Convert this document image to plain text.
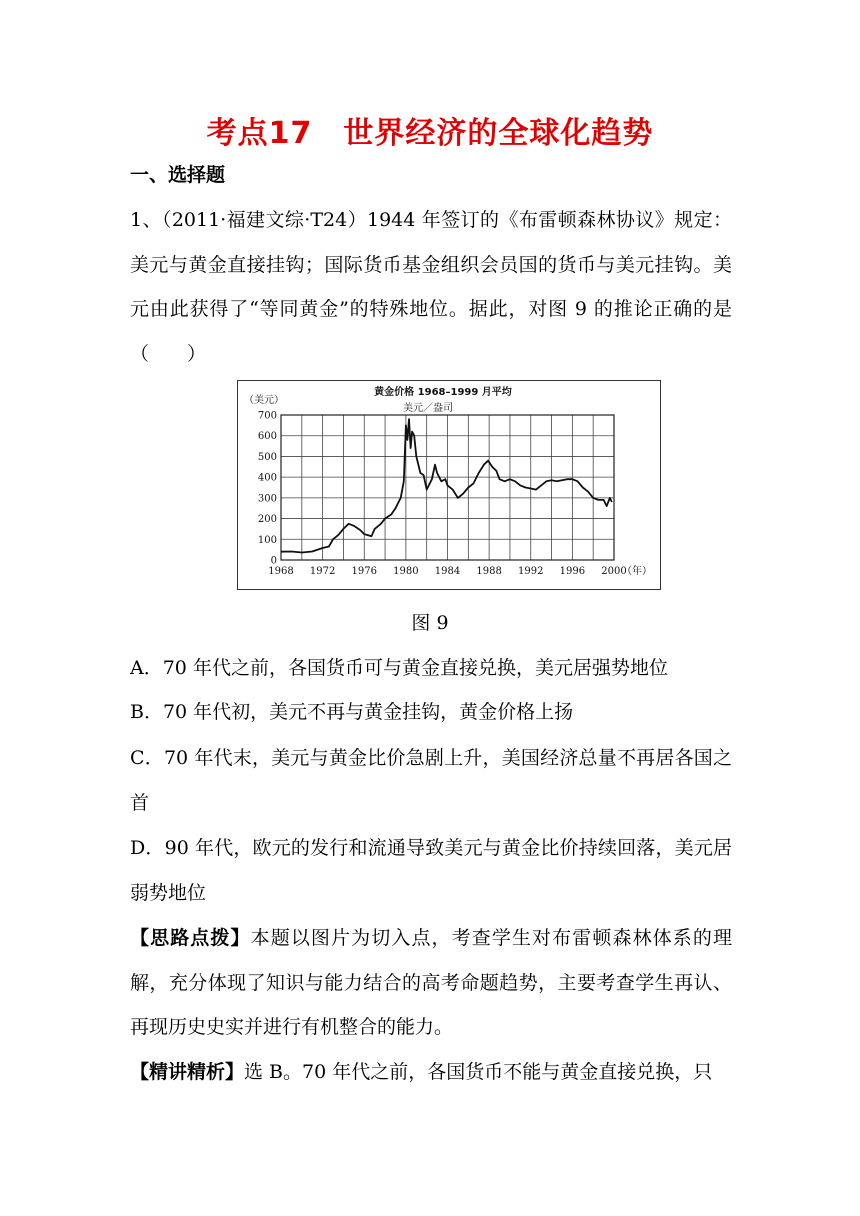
考点17　世界经济的全球化趋势
一、选择题
1、（2011·福建文综·T24）1944 年签订的《布雷顿森林协议》规定：美元与黄金直接挂钩；国际货币基金组织会员国的货币与美元挂钩。美元由此获得了“等同黄金”的特殊地位。据此，对图 9 的推论正确的是（　　）
0
100
200
300
400
500
600
700
1968 1972 1976 1980 1984 1988 1992 1996 2000
黄金价格 1968–1999 月平均
美元／盎司
（美元）
（年）
图 9
A．70 年代之前，各国货币可与黄金直接兑换，美元居强势地位
B．70 年代初，美元不再与黄金挂钩，黄金价格上扬
C．70 年代末，美元与黄金比价急剧上升，美国经济总量不再居各国之首
D．90 年代，欧元的发行和流通导致美元与黄金比价持续回落，美元居弱势地位
【思路点拨】本题以图片为切入点，考查学生对布雷顿森林体系的理解，充分体现了知识与能力结合的高考命题趋势，主要考查学生再认、再现历史史实并进行有机整合的能力。
【精讲精析】选 B。70 年代之前，各国货币不能与黄金直接兑换，只
